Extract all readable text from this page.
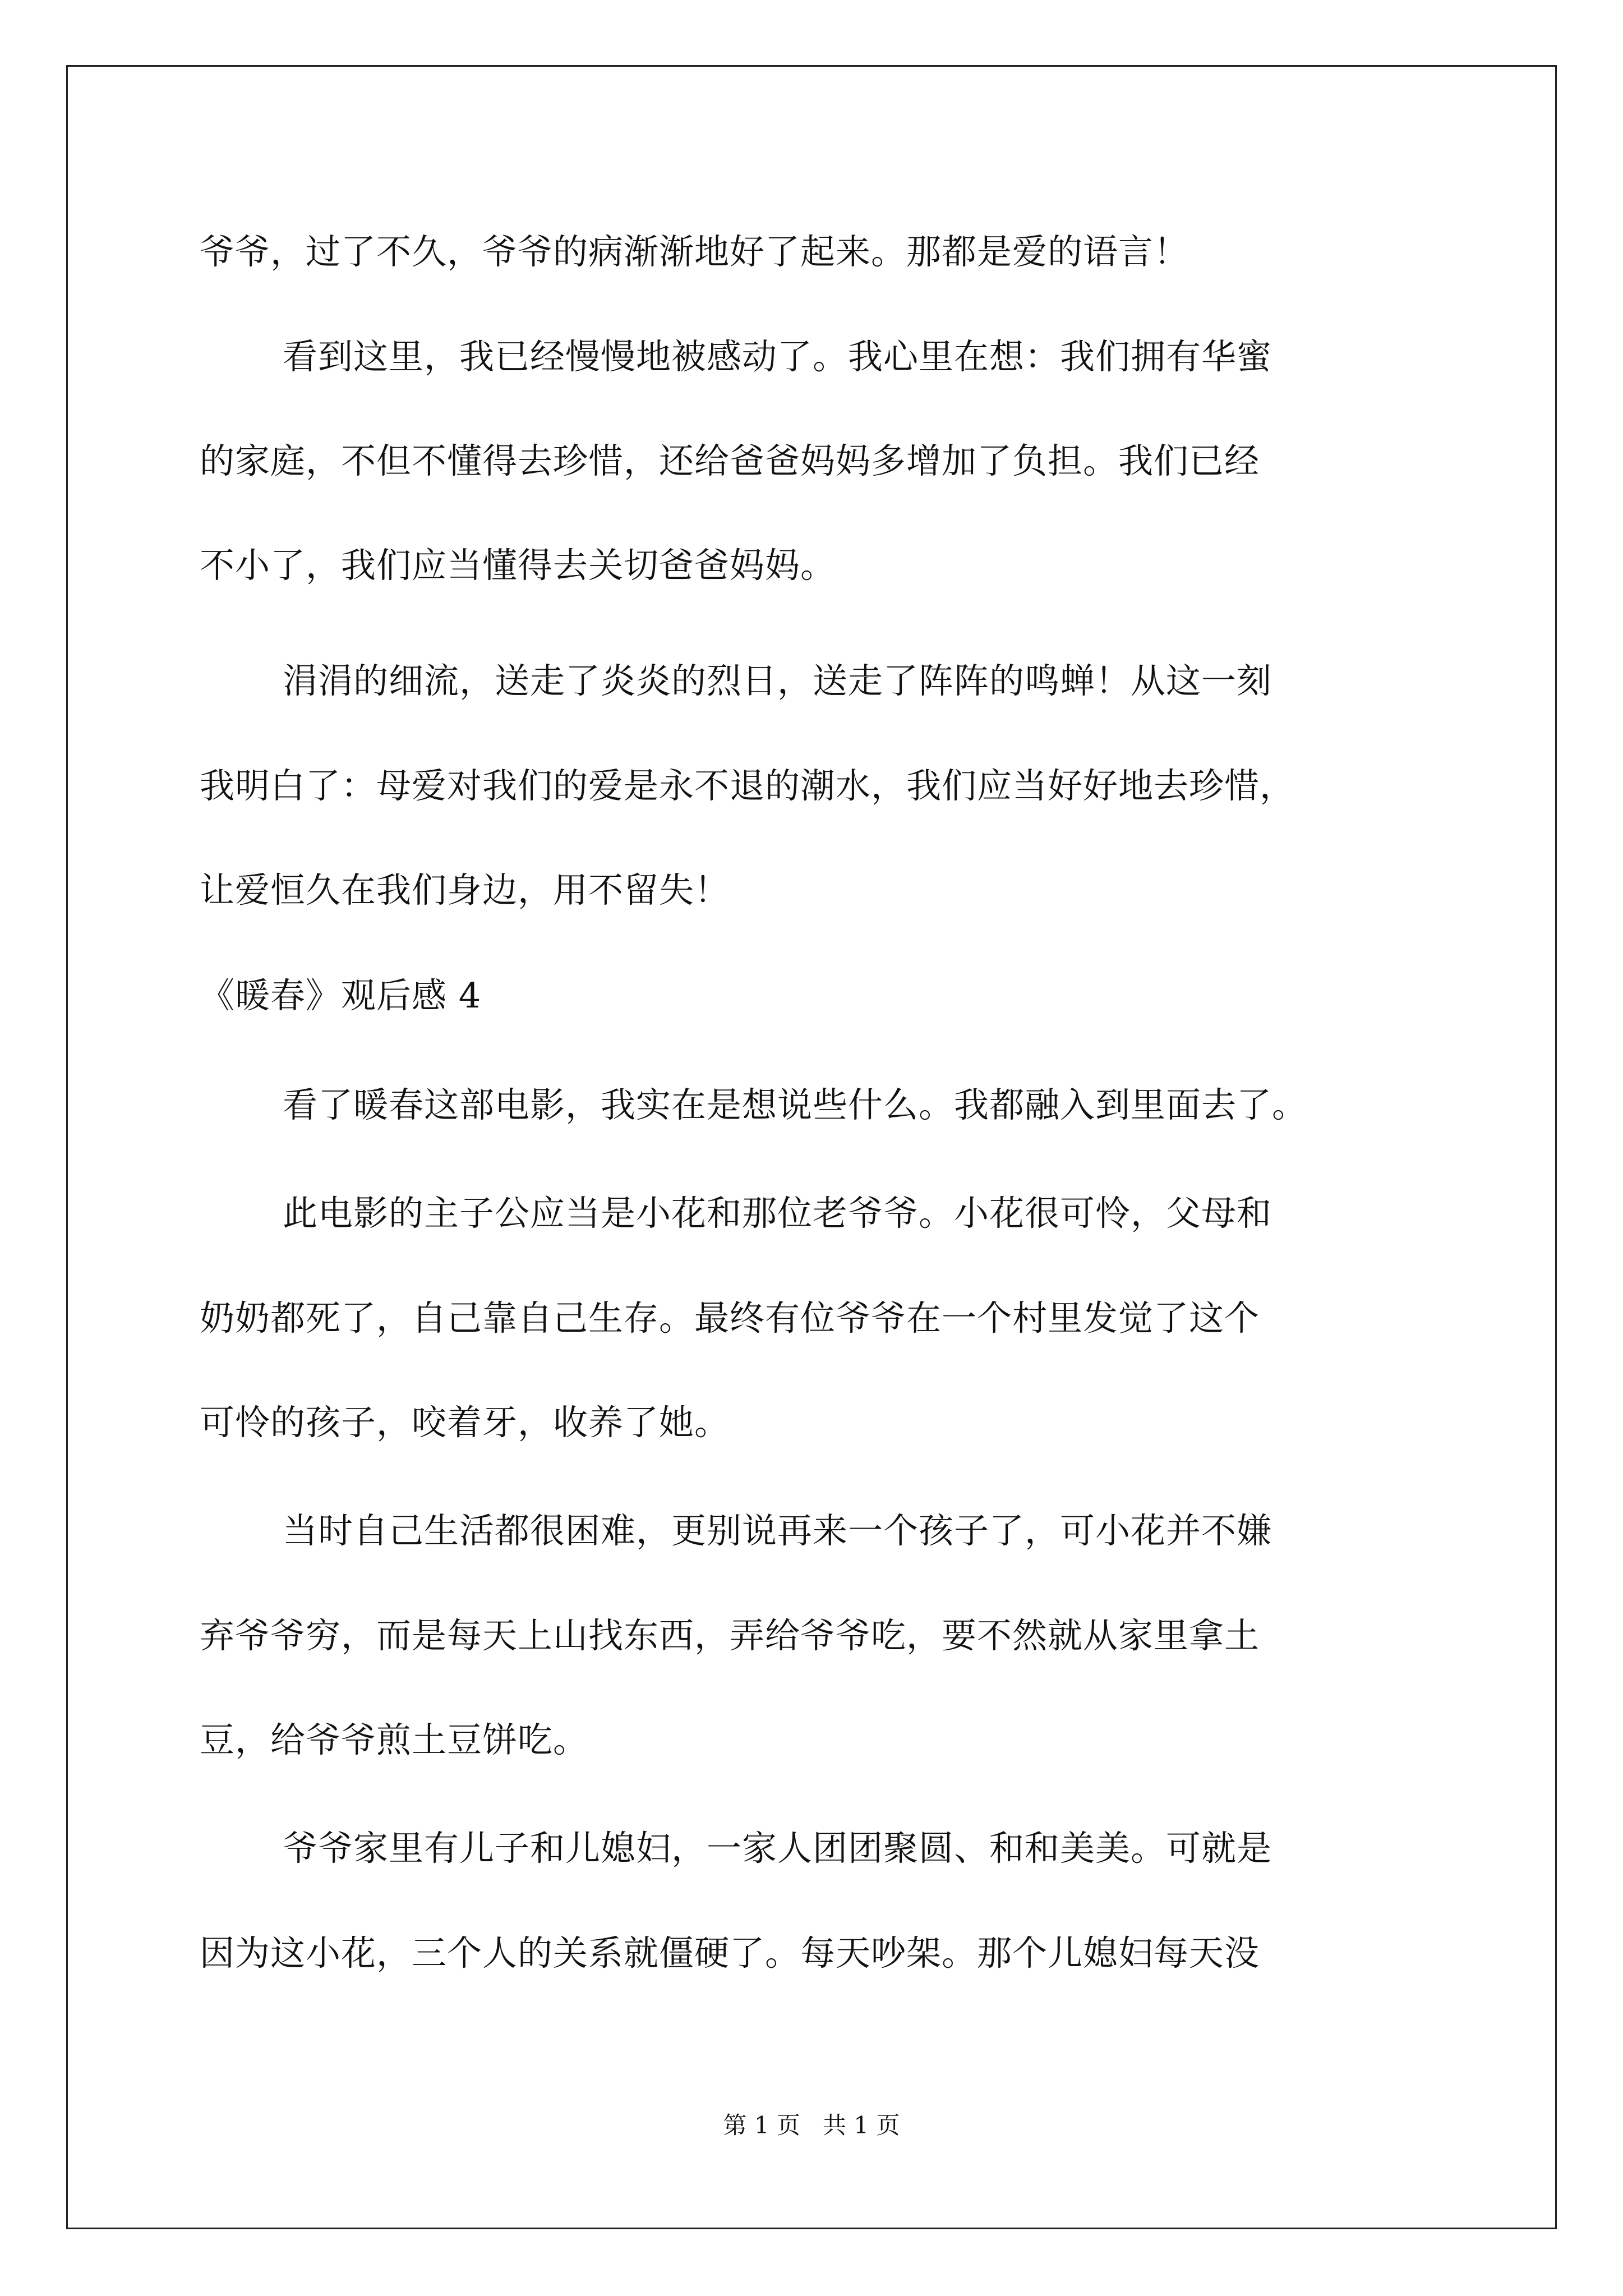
爷爷，过了不久，爷爷的病渐渐地好了起来。那都是爱的语言！
看到这里，我已经慢慢地被感动了。我心里在想：我们拥有华蜜
的家庭，不但不懂得去珍惜，还给爸爸妈妈多增加了负担。我们已经
不小了，我们应当懂得去关切爸爸妈妈。
涓涓的细流，送走了炎炎的烈日，送走了阵阵的鸣蝉！从这一刻
我明白了：母爱对我们的爱是永不退的潮水，我们应当好好地去珍惜，
让爱恒久在我们身边，用不留失！
《暖春》观后感 4
看了暖春这部电影，我实在是想说些什么。我都融入到里面去了。
此电影的主子公应当是小花和那位老爷爷。小花很可怜，父母和
奶奶都死了，自己靠自己生存。最终有位爷爷在一个村里发觉了这个
可怜的孩子，咬着牙，收养了她。
当时自己生活都很困难，更别说再来一个孩子了，可小花并不嫌
弃爷爷穷，而是每天上山找东西，弄给爷爷吃，要不然就从家里拿土
豆，给爷爷煎土豆饼吃。
爷爷家里有儿子和儿媳妇，一家人团团聚圆、和和美美。可就是
因为这小花，三个人的关系就僵硬了。每天吵架。那个儿媳妇每天没
第 1 页   共 1 页
